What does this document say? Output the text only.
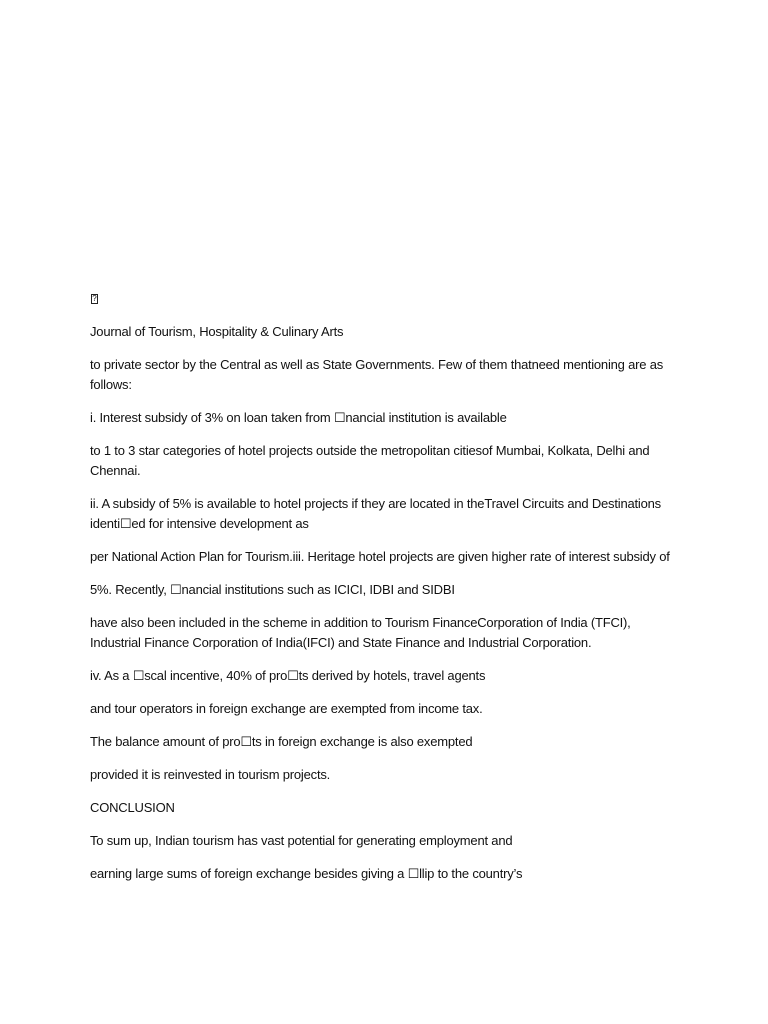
?

Journal of Tourism, Hospitality & Culinary Arts

to private sector by the Central as well as State Governments. Few of them thatneed mentioning are as follows:

i. Interest subsidy of 3% on loan taken from ☐nancial institution is available

to 1 to 3 star categories of hotel projects outside the metropolitan citiesof Mumbai, Kolkata, Delhi and Chennai.

ii. A subsidy of 5% is available to hotel projects if they are located in theTravel Circuits and Destinations identi☐ed for intensive development as

per National Action Plan for Tourism.iii. Heritage hotel projects are given higher rate of interest subsidy of

5%. Recently, ☐nancial institutions such as ICICI, IDBI and SIDBI

have also been included in the scheme in addition to Tourism FinanceCorporation of India (TFCI), Industrial Finance Corporation of India(IFCI) and State Finance and Industrial Corporation.

iv. As a ☐scal incentive, 40% of pro☐ts derived by hotels, travel agents

and tour operators in foreign exchange are exempted from income tax.

The balance amount of pro☐ts in foreign exchange is also exempted

provided it is reinvested in tourism projects.

CONCLUSION

To sum up, Indian tourism has vast potential for generating employment and

earning large sums of foreign exchange besides giving a ☐llip to the country’s
